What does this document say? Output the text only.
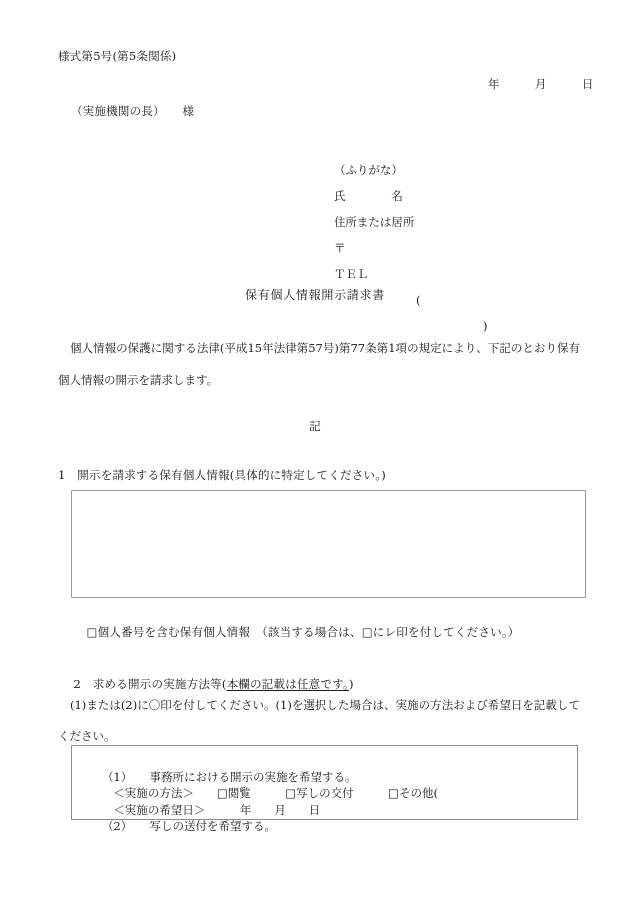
様式第5号(第5条関係)
年　　　月　　　日
（実施機関の長）　　様

（ふりがな）

氏　　　　名

住所または居所

〒

ＴＥＬ

(

)

保有個人情報開示請求書
個人情報の保護に関する法律(平成15年法律第57号)第77条第1項の規定により、下記のとおり保有個人情報の開示を請求します。
記
1　開示を請求する保有個人情報(具体的に特定してください。)

□個人番号を含む保有個人情報　（該当する場合は、□にレ印を付してください。）

2　求める開示の実施方法等(本欄の記載は任意です。)

(1)または(2)に〇印を付してください。(1)を選択した場合は、実施の方法および希望日を記載してください。

（1）　　事務所における開示の実施を希望する。

　＜実施の方法＞　　□閲覧　　　□写しの交付　　　□その他(

　＜実施の希望日＞　　　年　　月　　日

（2）　　写しの送付を希望する。
